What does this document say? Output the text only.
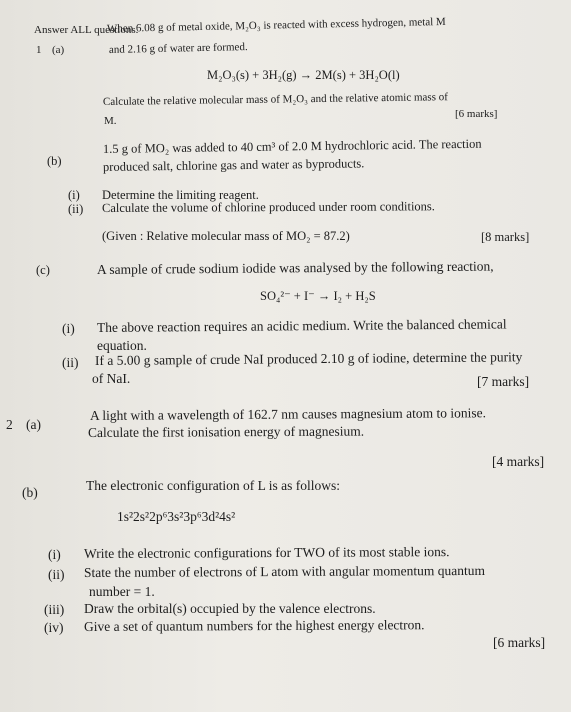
Answer ALL questions.
1 (a)
When 6.08 g of metal oxide, M₂O₃ is reacted with excess hydrogen, metal M
and 2.16 g of water are formed.
M₂O₃(s) + 3H₂(g) → 2M(s) + 3H₂O(l)
Calculate the relative molecular mass of M₂O₃ and the relative atomic mass of
M.
[6 marks]
(b)
1.5 g of MO₂ was added to 40 cm³ of 2.0 M hydrochloric acid. The reaction
produced salt, chlorine gas and water as byproducts.
(i) Determine the limiting reagent.
(ii) Calculate the volume of chlorine produced under room conditions.
(Given : Relative molecular mass of MO₂ = 87.2)	[8 marks]
(c)	A sample of crude sodium iodide was analysed by the following reaction,
SO₄²⁻ + I⁻ → I₂ + H₂S
(i) The above reaction requires an acidic medium. Write the balanced chemical
equation.
(ii) If a 5.00 g sample of crude NaI produced 2.10 g of iodine, determine the purity
of NaI.	[7 marks]
2 (a)
A light with a wavelength of 162.7 nm causes magnesium atom to ionise.
Calculate the first ionisation energy of magnesium.
[4 marks]
(b)	The electronic configuration of L is as follows:
1s²2s²2p⁶3s²3p⁶3d²4s²
(i) Write the electronic configurations for TWO of its most stable ions.
(ii) State the number of electrons of L atom with angular momentum quantum
number = 1.
(iii) Draw the orbital(s) occupied by the valence electrons.
(iv) Give a set of quantum numbers for the highest energy electron.
[6 marks]
